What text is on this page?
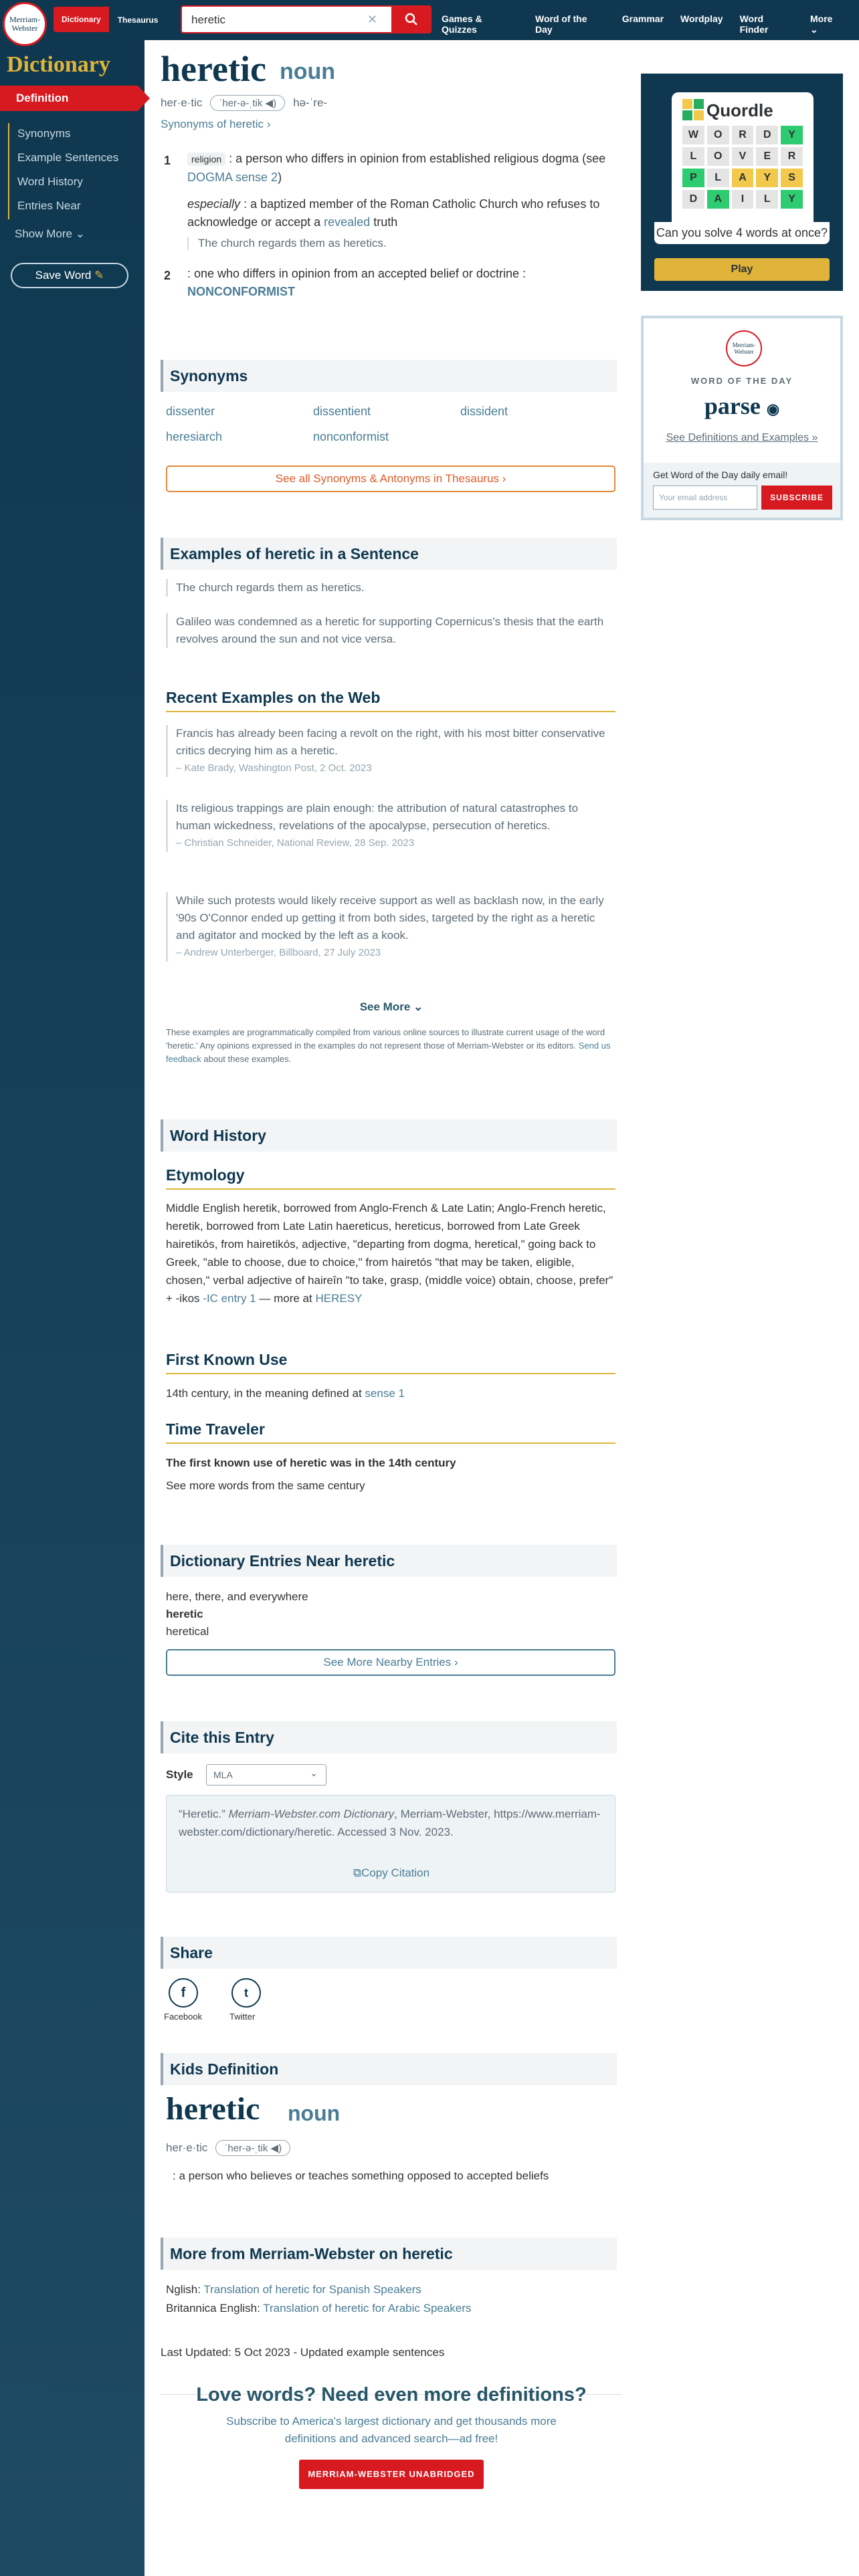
Merriam-
Webster
Dictionary	Thesaurus	heretic	✕	Games & Quizzes
Word of the Day
Grammar Wordplay Word Finder
More ⌄
Dictionary
Definition
Synonyms
Example Sentences
Word History
Entries Near
Show More ⌄
Save Word ✎
heretic noun
her·​e·​tic	ˈher-ə-ˌtik ◀)	hə-ˈre-
Synonyms of heretic ›
1	religion : a person who differs in opinion from established religious dogma (see DOGMA sense 2)
especially : a baptized member of the Roman Catholic Church who refuses to acknowledge or accept a revealed truth
The church regards them as heretics.
2 : one who differs in opinion from an accepted belief or doctrine :
NONCONFORMIST
Synonyms
dissenter	dissentient	dissident
heresiarch	nonconformist
See all Synonyms & Antonyms in Thesaurus ›
Examples of heretic in a Sentence
The church regards them as heretics.
Galileo was condemned as a heretic for supporting Copernicus's thesis that the earth revolves around the sun and not vice versa.
Recent Examples on the Web
Francis has already been facing a revolt on the right, with his most bitter conservative critics decrying him as a heretic.
– Kate Brady, Washington Post, 2 Oct. 2023
Its religious trappings are plain enough: the attribution of natural catastrophes to human wickedness, revelations of the apocalypse, persecution of heretics.
– Christian Schneider, National Review, 28 Sep. 2023
While such protests would likely receive support as well as backlash now, in the early '90s O'Connor ended up getting it from both sides, targeted by the right as a heretic and agitator and mocked by the left as a kook.
– Andrew Unterberger, Billboard, 27 July 2023
See More ⌄
These examples are programmatically compiled from various online sources to illustrate current usage of the word 'heretic.' Any opinions expressed in the examples do not represent those of Merriam-Webster or its editors. Send us feedback about these examples.
Word History
Etymology
Middle English heretik, borrowed from Anglo-French & Late Latin; Anglo-French heretic, heretik, borrowed from Late Latin haereticus, hereticus, borrowed from Late Greek hairetikós, from hairetikós, adjective, "departing from dogma, heretical," going back to Greek, "able to choose, due to choice," from hairetós "that may be taken, eligible, chosen," verbal adjective of haireîn "to take, grasp, (middle voice) obtain, choose, prefer" + -ikos -IC entry 1 — more at HERESY
First Known Use
14th century, in the meaning defined at sense 1
Time Traveler
The first known use of heretic was in the 14th century
See more words from the same century
Dictionary Entries Near heretic
here, there, and everywhere
heretic
heretical
See More Nearby Entries ›
Cite this Entry
Style	MLA	⌄
“Heretic.” Merriam-Webster.com Dictionary, Merriam-Webster, https://www.merriam-webster.com/dictionary/heretic. Accessed 3 Nov. 2023.
⧉Copy Citation
Share
f
Facebook
t
Twitter
Kids Definition
heretic noun
her·​e·​tic	ˈher-ə-ˌtik ◀)
: a person who believes or teaches something opposed to accepted beliefs
More from Merriam-Webster on heretic
Nglish: Translation of heretic for Spanish Speakers
Britannica English: Translation of heretic for Arabic Speakers
Last Updated: 5 Oct 2023 - Updated example sentences
Love words? Need even more definitions?
Subscribe to America's largest dictionary and get thousands more definitions and advanced search—ad free!
MERRIAM-WEBSTER UNABRIDGED
Quordle
W	O	R	D	Y
L	O	V	E	R
P	L	A	Y	S
D	A	I	L	Y
Can you solve 4 words at once?
Play
Merriam-Webster
WORD OF THE DAY
parse ◉
See Definitions and Examples »
Get Word of the Day daily email!
Your email address	SUBSCRIBE
